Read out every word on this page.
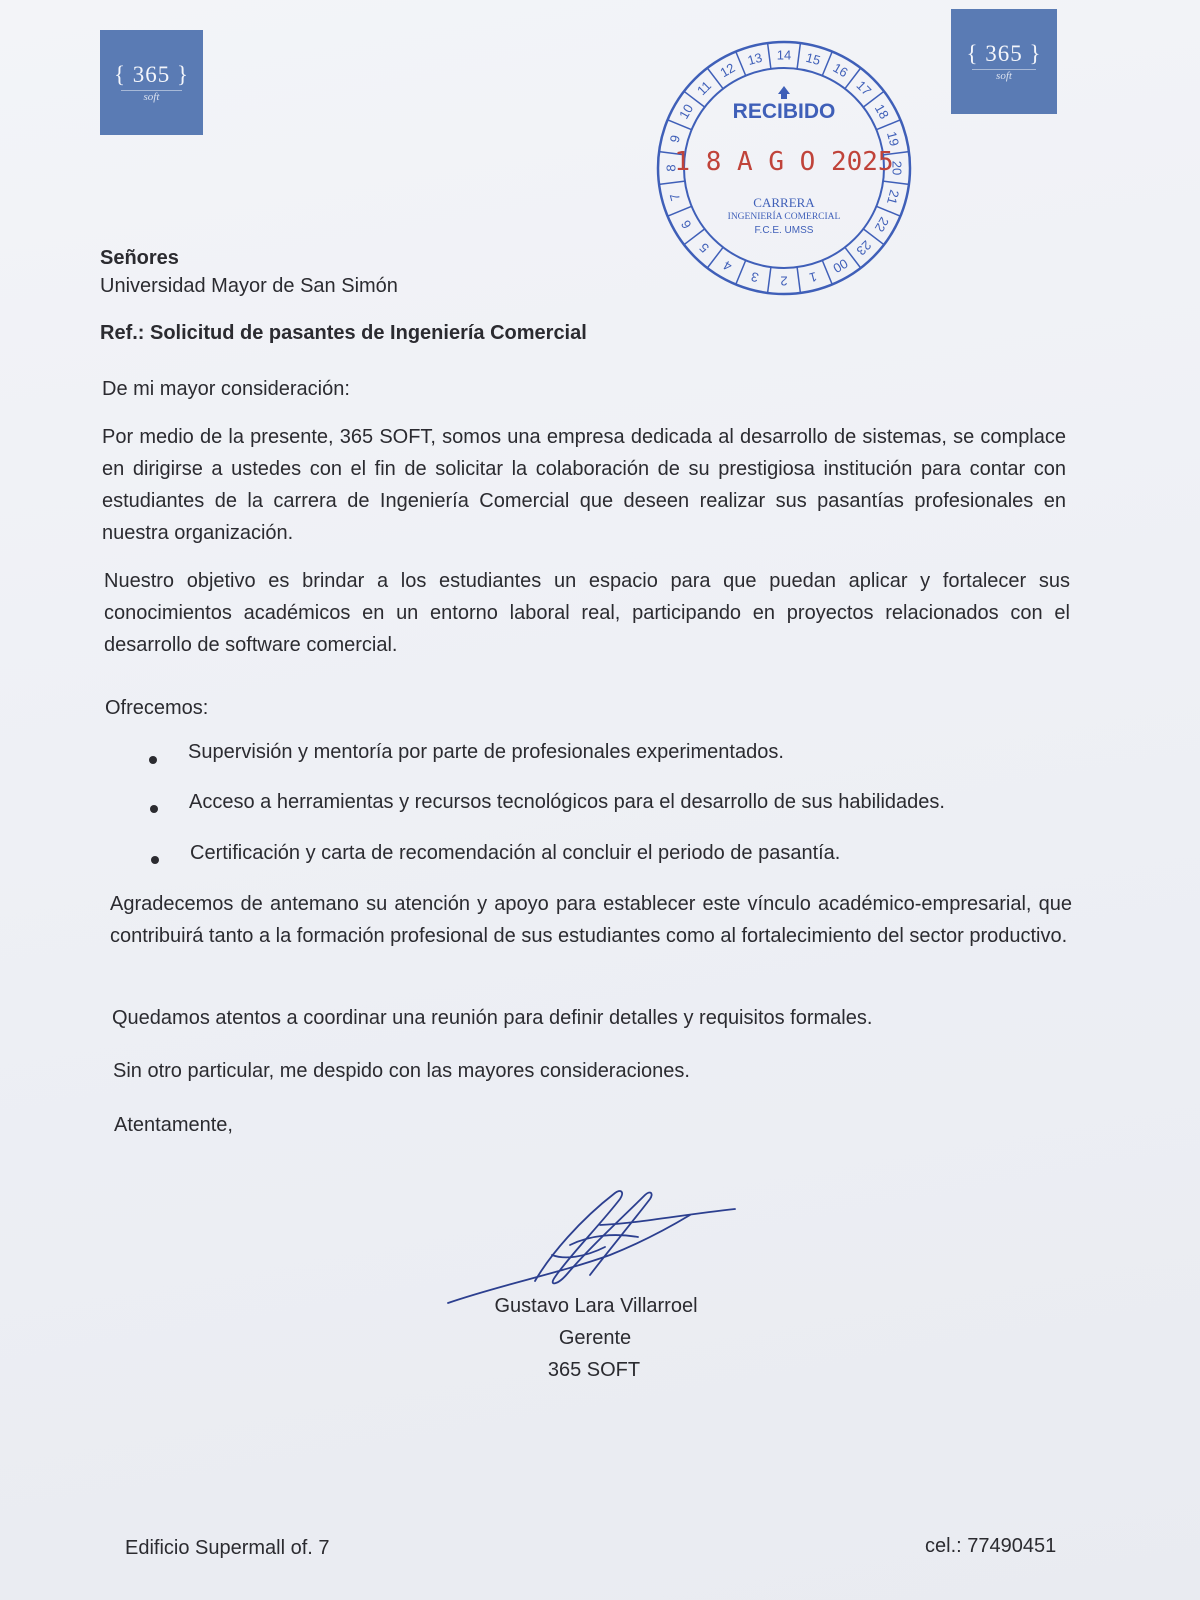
{ 365 }
soft
{ 365 }
soft
1
2
3
4
5
6
7
8
9
10
11
12
13 14 15
16
17
18
19
20
21
22
23
00
RECIBIDO
1 8 A G O 2025
CARRERA
INGENIERÍA COMERCIAL
F.C.E. UMSS
Señores
Universidad Mayor de San Simón
Ref.: Solicitud de pasantes de Ingeniería Comercial
De mi mayor consideración:
Por medio de la presente, 365 SOFT, somos una empresa dedicada al desarrollo de sistemas, se complace en dirigirse a ustedes con el fin de solicitar la colaboración de su prestigiosa institución para contar con estudiantes de la carrera de Ingeniería Comercial que deseen realizar sus pasantías profesionales en nuestra organización.
Nuestro objetivo es brindar a los estudiantes un espacio para que puedan aplicar y fortalecer sus conocimientos académicos en un entorno laboral real, participando en proyectos relacionados con el desarrollo de software comercial.
Ofrecemos:
Supervisión y mentoría por parte de profesionales experimentados.
Acceso a herramientas y recursos tecnológicos para el desarrollo de sus habilidades.
Certificación y carta de recomendación al concluir el periodo de pasantía.
Agradecemos de antemano su atención y apoyo para establecer este vínculo académico-empresarial, que contribuirá tanto a la formación profesional de sus estudiantes como al fortalecimiento del sector productivo.
Quedamos atentos a coordinar una reunión para definir detalles y requisitos formales.
Sin otro particular, me despido con las mayores consideraciones.
Atentamente,
Gustavo Lara Villarroel
Gerente
365 SOFT
Edificio Supermall of. 7	cel.: 77490451
